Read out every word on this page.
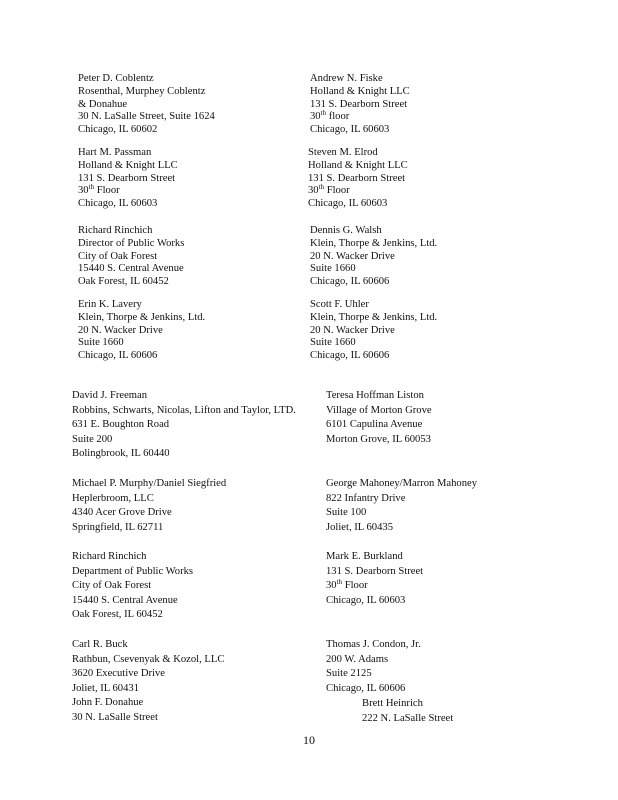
Peter D. Coblentz
Rosenthal, Murphey Coblentz
& Donahue
30 N. LaSalle Street, Suite 1624
Chicago, IL 60602
Andrew N. Fiske
Holland & Knight LLC
131 S. Dearborn Street
30th floor
Chicago, IL 60603
Hart M. Passman
Holland & Knight LLC
131 S. Dearborn Street
30th Floor
Chicago, IL 60603
Steven M. Elrod
Holland & Knight LLC
131 S. Dearborn Street
30th Floor
Chicago, IL 60603
Richard Rinchich
Director of Public Works
City of Oak Forest
15440 S. Central Avenue
Oak Forest, IL 60452
Dennis G. Walsh
Klein, Thorpe & Jenkins, Ltd.
20 N. Wacker Drive
Suite 1660
Chicago, IL 60606
Erin K. Lavery
Klein, Thorpe & Jenkins, Ltd.
20 N. Wacker Drive
Suite 1660
Chicago, IL 60606
Scott F. Uhler
Klein, Thorpe & Jenkins, Ltd.
20 N. Wacker Drive
Suite 1660
Chicago, IL 60606
David J. Freeman
Robbins, Schwarts, Nicolas, Lifton and Taylor, LTD.
631 E. Boughton Road
Suite 200
Bolingbrook, IL 60440
Teresa Hoffman Liston
Village of Morton Grove
6101 Capulina Avenue
Morton Grove, IL 60053
Michael P. Murphy/Daniel Siegfried
Heplerbroom, LLC
4340 Acer Grove Drive
Springfield, IL 62711
George Mahoney/Marron Mahoney
822 Infantry Drive
Suite 100
Joliet, IL 60435
Richard Rinchich
Department of Public Works
City of Oak Forest
15440 S. Central Avenue
Oak Forest, IL 60452
Mark E. Burkland
131 S. Dearborn Street
30th Floor
Chicago, IL 60603
Carl R. Buck
Rathbun, Csevenyak & Kozol, LLC
3620 Executive Drive
Joliet, IL 60431
John F. Donahue
30 N. LaSalle Street
Thomas J. Condon, Jr.
200 W. Adams
Suite 2125
Chicago, IL 60606
Brett Heinrich
222 N. LaSalle Street
10
